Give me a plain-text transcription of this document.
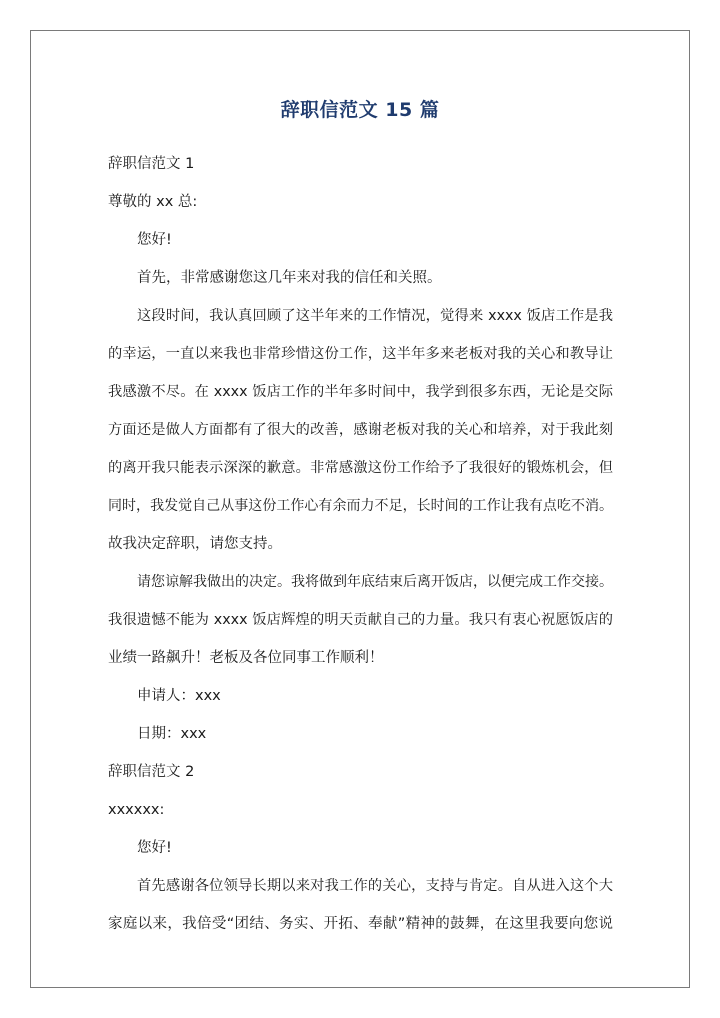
辞职信范文 15 篇
辞职信范文 1
尊敬的 xx 总:
您好!
首先，非常感谢您这几年来对我的信任和关照。
这段时间，我认真回顾了这半年来的工作情况，觉得来 xxxx 饭店工作是我
的幸运，一直以来我也非常珍惜这份工作，这半年多来老板对我的关心和教导让
我感激不尽。在 xxxx 饭店工作的半年多时间中，我学到很多东西，无论是交际
方面还是做人方面都有了很大的改善，感谢老板对我的关心和培养，对于我此刻
的离开我只能表示深深的歉意。非常感激这份工作给予了我很好的锻炼机会，但
同时，我发觉自己从事这份工作心有余而力不足，长时间的工作让我有点吃不消。
故我决定辞职，请您支持。
请您谅解我做出的决定。我将做到年底结束后离开饭店，以便完成工作交接。
我很遗憾不能为 xxxx 饭店辉煌的明天贡献自己的力量。我只有衷心祝愿饭店的
业绩一路飙升！老板及各位同事工作顺利！
申请人：xxx
日期：xxx
辞职信范文 2
xxxxxx:
您好!
首先感谢各位领导长期以来对我工作的关心，支持与肯定。自从进入这个大
家庭以来，我倍受“团结、务实、开拓、奉献”精神的鼓舞，在这里我要向您说
